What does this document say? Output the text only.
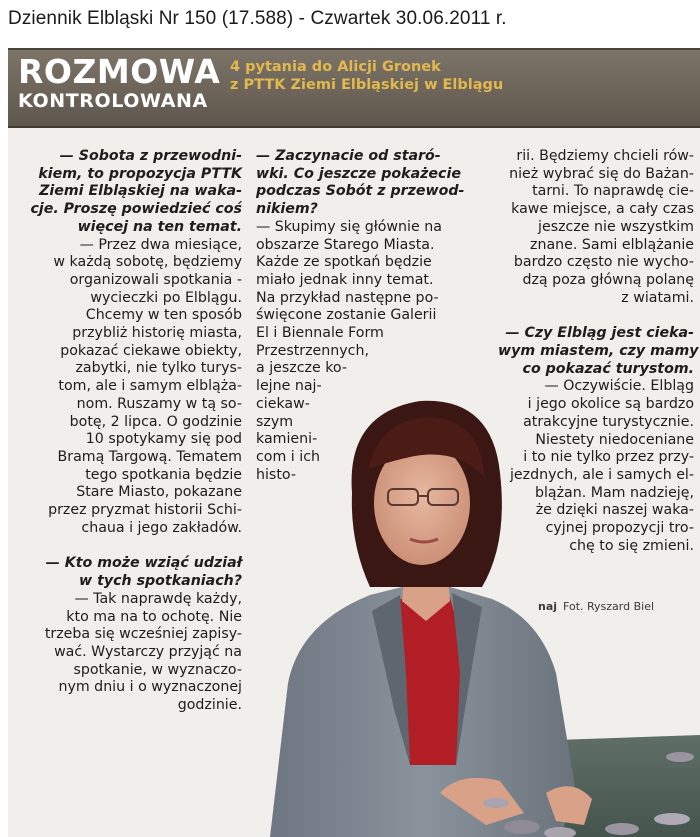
Dziennik Elbląski Nr 150 (17.588) - Czwartek 30.06.2011 r.
ROZMOWA
KONTROLOWANA
4 pytania do Alicji Gronek
z PTTK Ziemi Elbląskiej w Elblągu
— Sobota z przewodni-
kiem, to propozycja PTTK
Ziemi Elbląskiej na waka-
cje. Proszę powiedzieć coś
więcej na ten temat.
— Przez dwa miesiące,
w każdą sobotę, będziemy
organizowali spotkania -
wycieczki po Elblągu.
Chcemy w ten sposób
przybliż historię miasta,
pokazać ciekawe obiekty,
zabytki, nie tylko turys-
tom, ale i samym elbląża-
nom. Ruszamy w tą so-
botę, 2 lipca. O godzinie
10 spotykamy się pod
Bramą Targową. Tematem
tego spotkania będzie
Stare Miasto, pokazane
przez pryzmat historii Schi-
chaua i jego zakładów.
— Kto może wziąć udział
w tych spotkaniach?
— Tak naprawdę każdy,
kto ma na to ochotę. Nie
trzeba się wcześniej zapisy-
wać. Wystarczy przyjąć na
spotkanie, w wyznaczo-
nym dniu i o wyznaczonej
godzinie.
— Zaczynacie od staró-
wki. Co jeszcze pokażecie
podczas Sobót z przewod-
nikiem?
— Skupimy się głównie na
obszarze Starego Miasta.
Każde ze spotkań będzie
miało jednak inny temat.
Na przykład następne po-
święcone zostanie Galerii
El i Biennale Form
Przestrzennych,
a jeszcze ko-
lejne naj-
ciekaw-
szym
kamieni-
com i ich
histo-
rii. Będziemy chcieli rów-
nież wybrać się do Bażan-
tarni. To naprawdę cie-
kawe miejsce, a cały czas
jeszcze nie wszystkim
znane. Sami elblążanie
bardzo często nie wycho-
dzą poza główną polanę
z wiatami.
— Czy Elbląg jest cieka-
wym miastem, czy mamy
co pokazać turystom.
— Oczywiście. Elbląg
i jego okolice są bardzo
atrakcyjne turystycznie.
Niestety niedoceniane
i to nie tylko przez przy-
jezdnych, ale i samych el-
blążan. Mam nadzieję,
że dzięki naszej waka-
cyjnej propozycji tro-
chę to się zmieni.
naj Fot. Ryszard Biel
